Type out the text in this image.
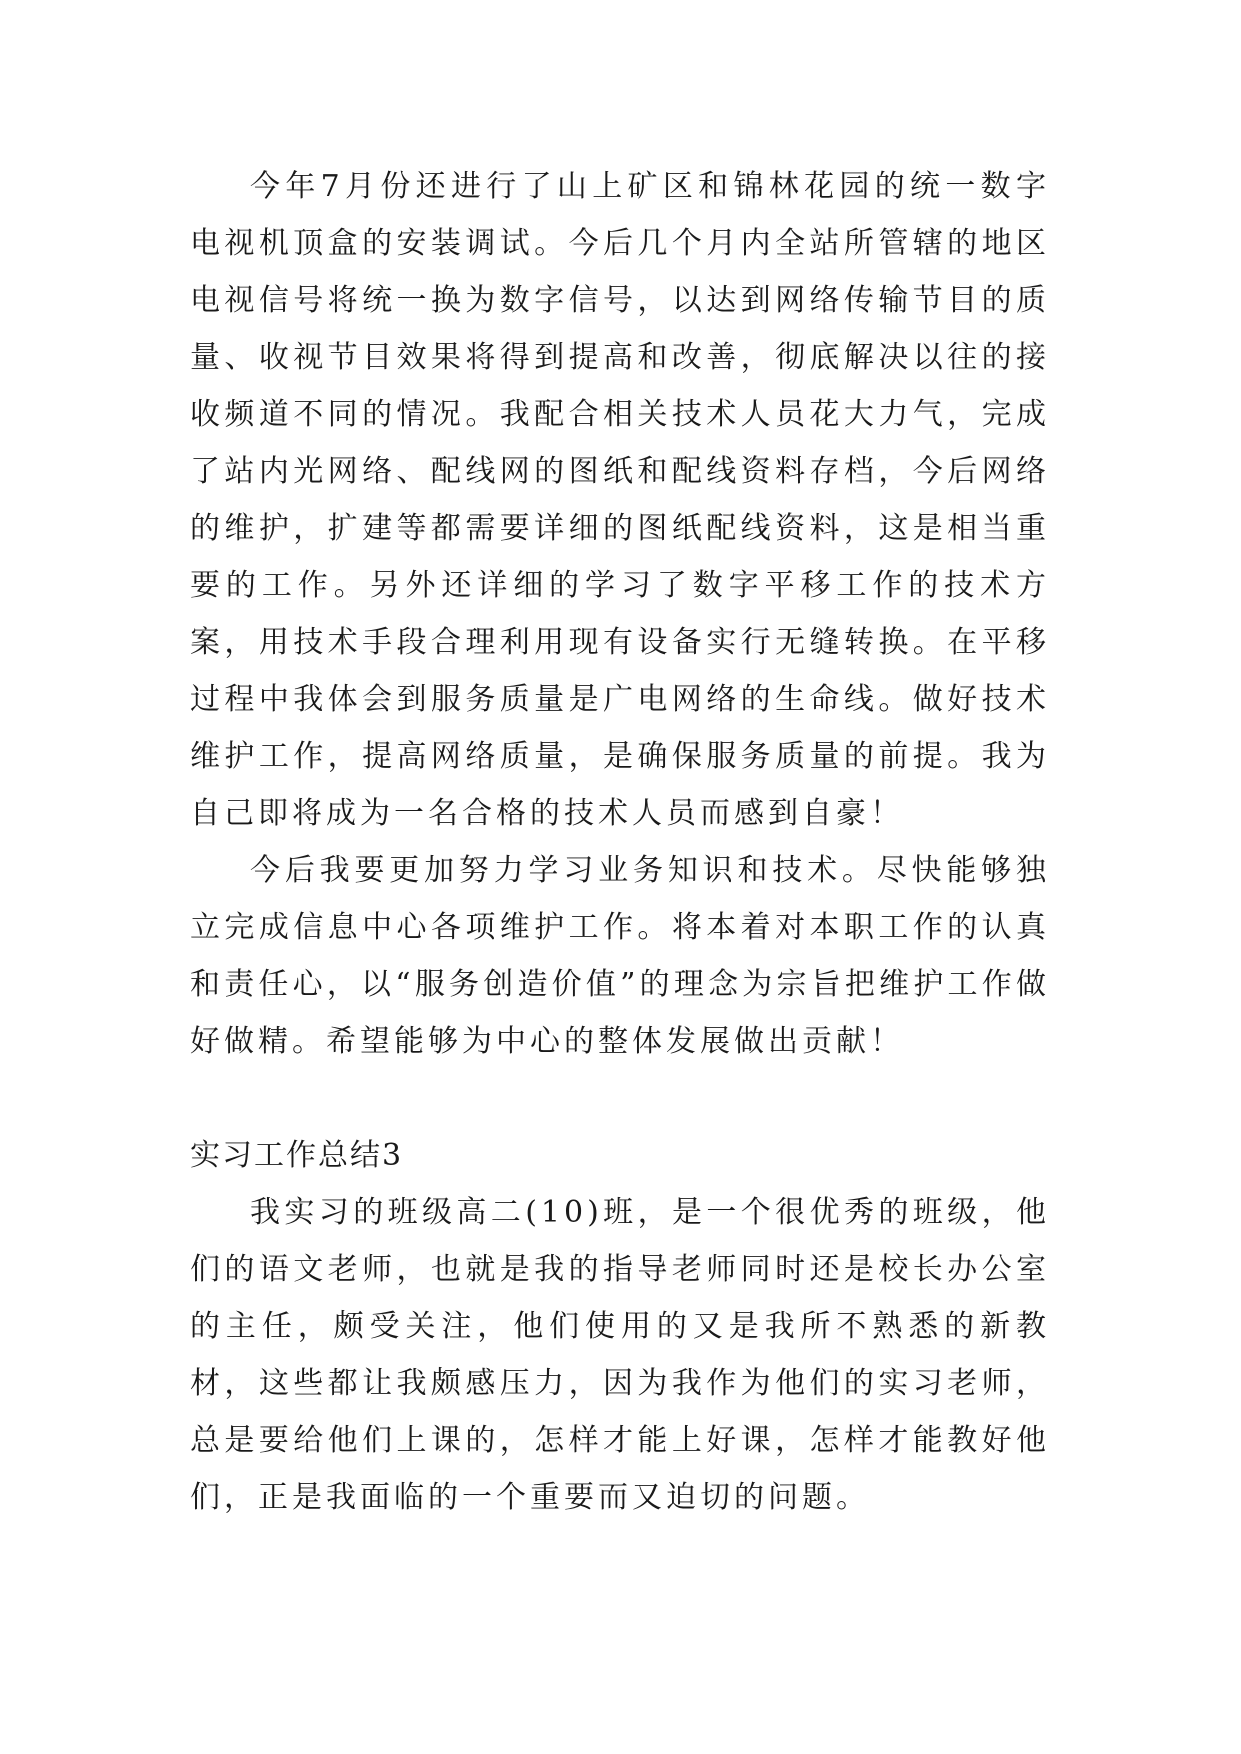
今年7月份还进行了山上矿区和锦林花园的统一数字电视机顶盒的安装调试。今后几个月内全站所管辖的地区电视信号将统一换为数字信号，以达到网络传输节目的质量、收视节目效果将得到提高和改善，彻底解决以往的接收频道不同的情况。我配合相关技术人员花大力气，完成了站内光网络、配线网的图纸和配线资料存档，今后网络的维护，扩建等都需要详细的图纸配线资料，这是相当重要的工作。另外还详细的学习了数字平移工作的技术方案，用技术手段合理利用现有设备实行无缝转换。在平移过程中我体会到服务质量是广电网络的生命线。做好技术维护工作，提高网络质量，是确保服务质量的前提。我为自己即将成为一名合格的技术人员而感到自豪！

今后我要更加努力学习业务知识和技术。尽快能够独立完成信息中心各项维护工作。将本着对本职工作的认真和责任心，以“服务创造价值”的理念为宗旨把维护工作做好做精。希望能够为中心的整体发展做出贡献！

实习工作总结3

我实习的班级高二(10)班，是一个很优秀的班级，他们的语文老师，也就是我的指导老师同时还是校长办公室的主任，颇受关注，他们使用的又是我所不熟悉的新教材，这些都让我颇感压力，因为我作为他们的实习老师，总是要给他们上课的，怎样才能上好课，怎样才能教好他们，正是我面临的一个重要而又迫切的问题。
